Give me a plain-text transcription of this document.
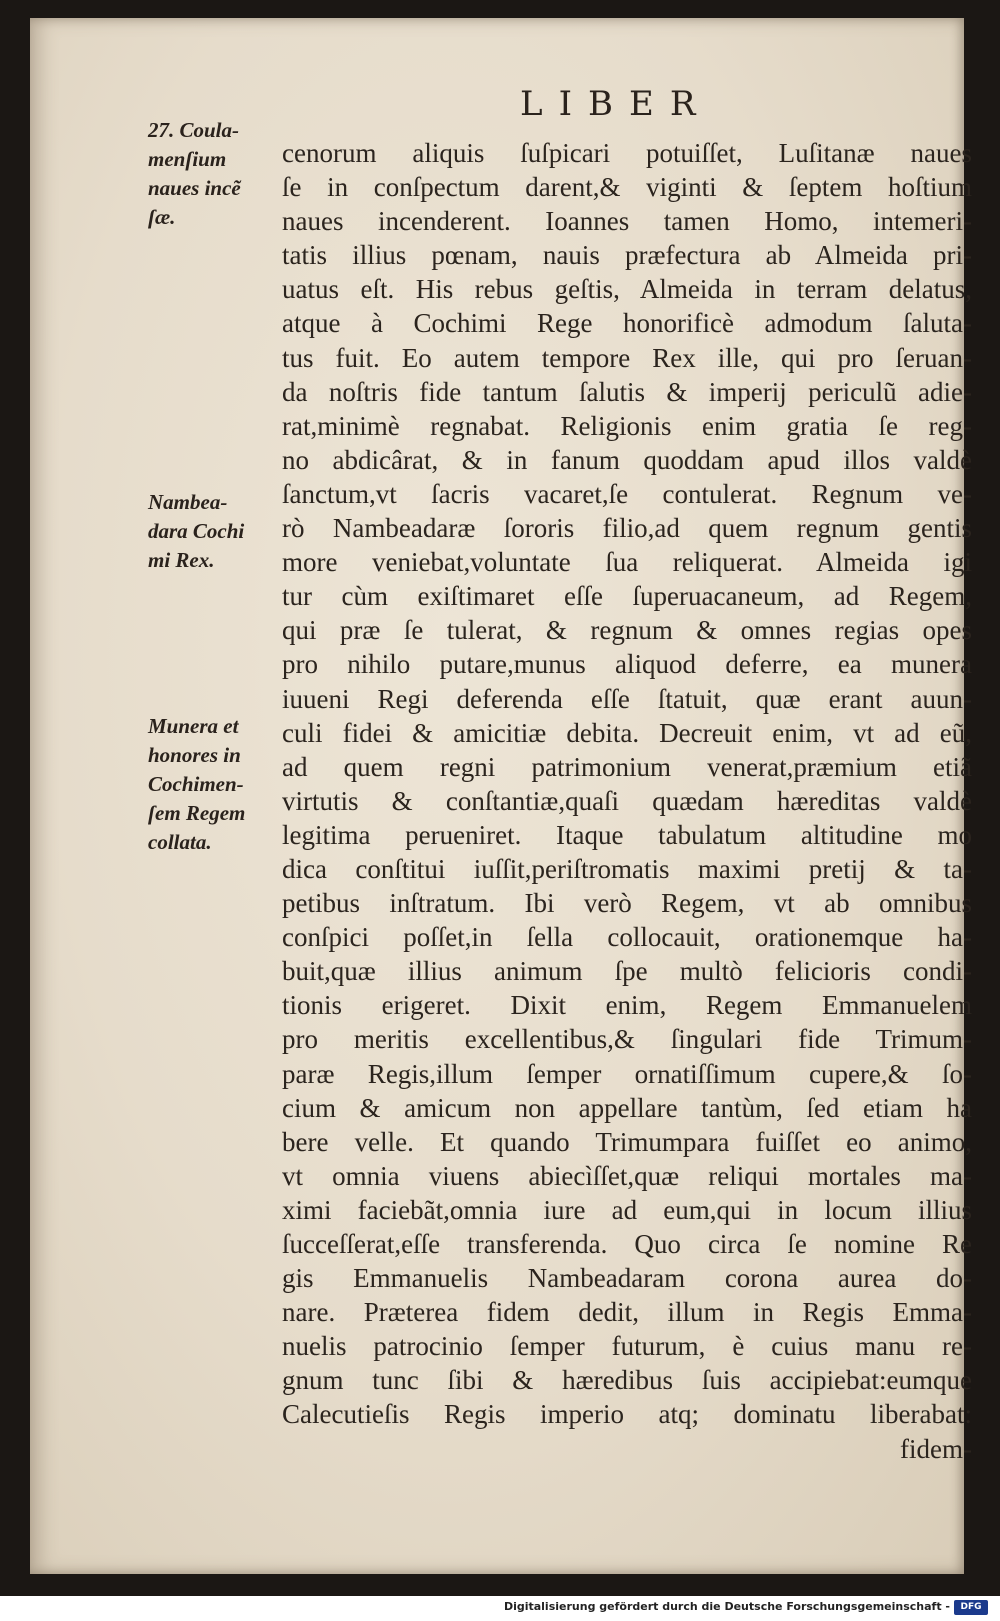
LIBER
27. Coula-
menſium
naues incẽ
ſæ.
Nambea-
dara Cochi
mi Rex.
Munera et
honores in
Cochimen-
ſem Regem
collata.
cenorum aliquis ſuſpicari potuiſſet, Luſitanæ naues
ſe in conſpectum darent,& viginti & ſeptem hoſtium
naues incenderent. Ioannes tamen Homo, intemeri-
tatis illius pœnam, nauis præfectura ab Almeida pri-
uatus eſt. His rebus geſtis, Almeida in terram delatus,
atque à Cochimi Rege honorificè admodum ſaluta-
tus fuit. Eo autem tempore Rex ille, qui pro ſeruan-
da noſtris fide tantum ſalutis & imperij periculũ adie-
rat,minimè regnabat. Religionis enim gratia ſe reg-
no abdicârat, & in fanum quoddam apud illos valdè
ſanctum,vt ſacris vacaret,ſe contulerat. Regnum ve-
rò Nambeadaræ ſororis filio,ad quem regnum gentis
more veniebat,voluntate ſua reliquerat. Almeida igi
tur cùm exiſtimaret eſſe ſuperuacaneum, ad Regem,
qui præ ſe tulerat, & regnum & omnes regias opes
pro nihilo putare,munus aliquod deferre, ea munera
iuueni Regi deferenda eſſe ſtatuit, quæ erant auun-
culi fidei & amicitiæ debita. Decreuit enim, vt ad eũ,
ad quem regni patrimonium venerat,præmium etiã
virtutis & conſtantiæ,quaſi quædam hæreditas valdè
legitima perueniret. Itaque tabulatum altitudine mo
dica conſtitui iuſſit,periſtromatis maximi pretij & ta-
petibus inſtratum. Ibi verò Regem, vt ab omnibus
conſpici poſſet,in ſella collocauit, orationemque ha-
buit,quæ illius animum ſpe multò felicioris condi-
tionis erigeret. Dixit enim, Regem Emmanuelem
pro meritis excellentibus,& ſingulari fide Trimum-
paræ Regis,illum ſemper ornatiſſimum cupere,& ſo-
cium & amicum non appellare tantùm, ſed etiam ha
bere velle. Et quando Trimumpara fuiſſet eo animo,
vt omnia viuens abiecìſſet,quæ reliqui mortales ma-
ximi faciebãt,omnia iure ad eum,qui in locum illius
ſucceſſerat,eſſe transferenda. Quo circa ſe nomine Re
gis Emmanuelis Nambeadaram corona aurea do-
nare. Præterea fidem dedit, illum in Regis Emma-
nuelis patrocinio ſemper futurum, è cuius manu re-
gnum tunc ſibi & hæredibus ſuis accipiebat:eumque
Calecutieſis Regis imperio atq; dominatu liberabat:
fidem-
Digitalisierung gefördert durch die Deutsche Forschungsgemeinschaft -	DFG
